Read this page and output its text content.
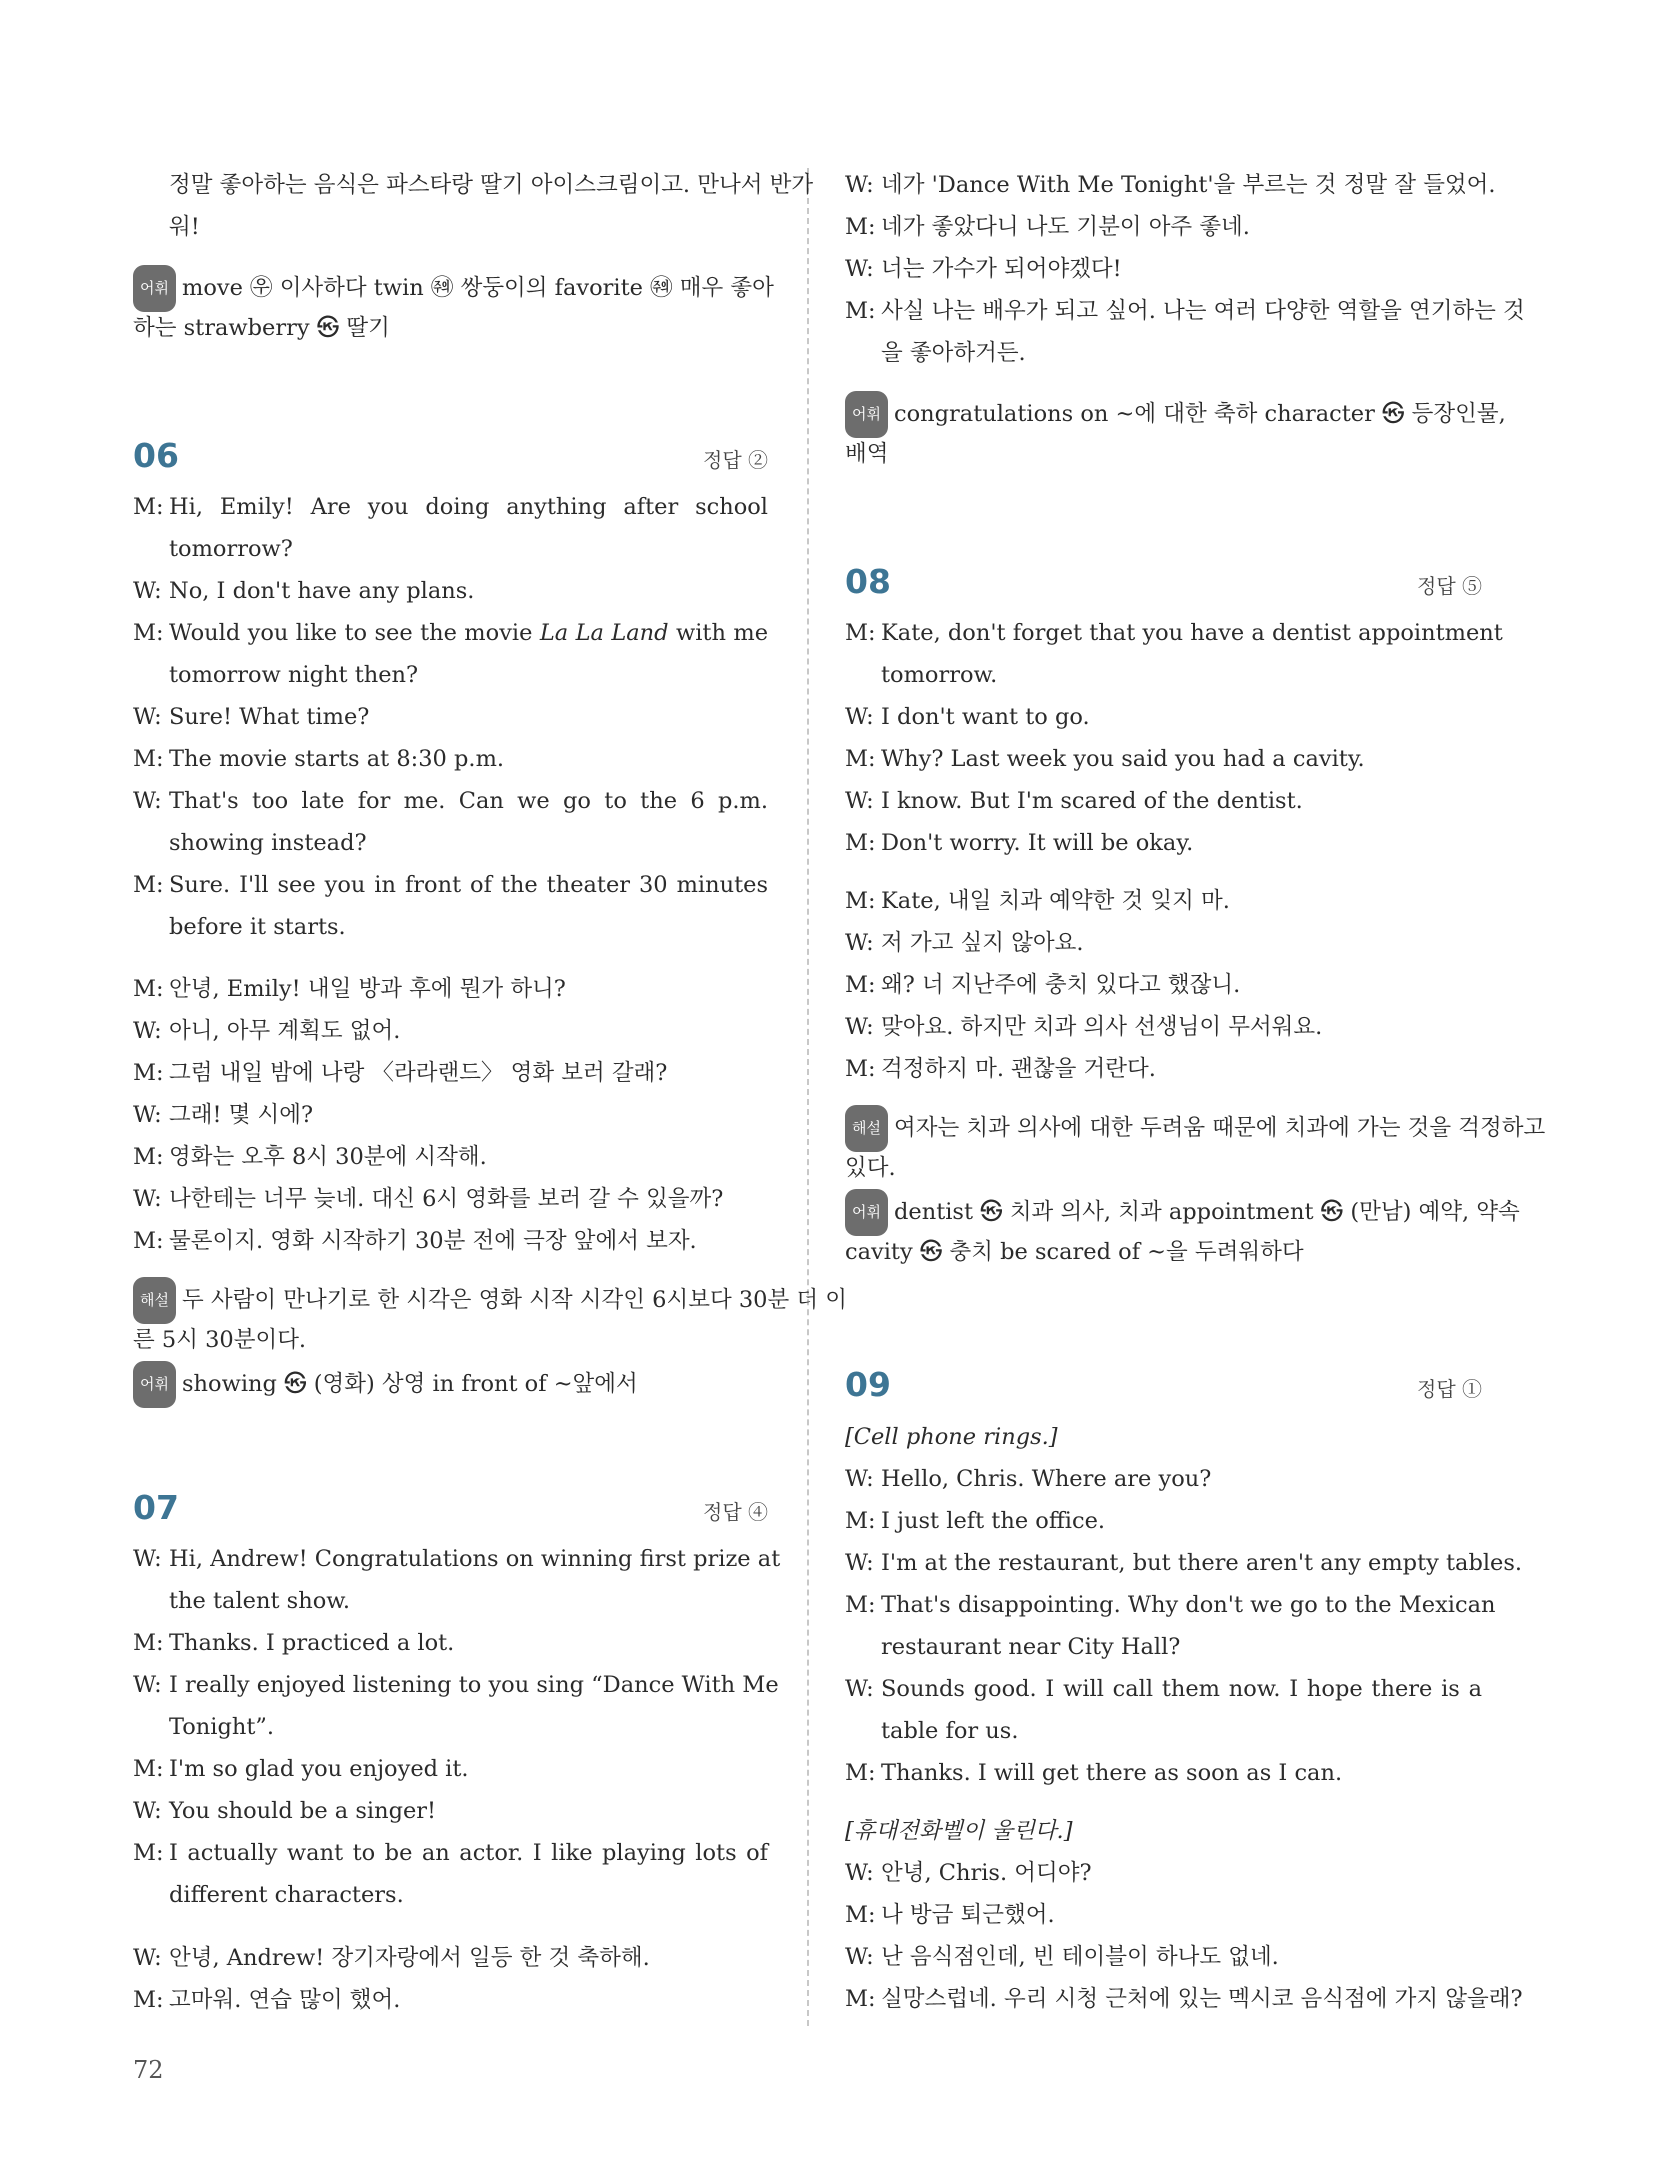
정말 좋아하는 음식은 파스타랑 딸기 아이스크림이고. 만나서 반가
워!
어휘 move ㉾ 이사하다 twin ㉽ 쌍둥이의 favorite ㉽ 매우 좋아
하는 strawberry ㉿ 딸기
06	정답 ②
M: Hi, Emily! Are you doing anything after school
tomorrow?
W: No, I don't have any plans.
M: Would you like to see the movie La La Land with me
tomorrow night then?
W: Sure! What time?
M: The movie starts at 8:30 p.m.
W: That's too late for me. Can we go to the 6 p.m.
showing instead?
M: Sure. I'll see you in front of the theater 30 minutes
before it starts.
M: 안녕, Emily! 내일 방과 후에 뭔가 하니?
W: 아니, 아무 계획도 없어.
M: 그럼 내일 밤에 나랑 〈라라랜드〉 영화 보러 갈래?
W: 그래! 몇 시에?
M: 영화는 오후 8시 30분에 시작해.
W: 나한테는 너무 늦네. 대신 6시 영화를 보러 갈 수 있을까?
M: 물론이지. 영화 시작하기 30분 전에 극장 앞에서 보자.
해설 두 사람이 만나기로 한 시각은 영화 시작 시각인 6시보다 30분 더 이
른 5시 30분이다.
어휘 showing ㉿ (영화) 상영 in front of ~앞에서
07	정답 ④
W: Hi, Andrew! Congratulations on winning first prize at
the talent show.
M: Thanks. I practiced a lot.
W: I really enjoyed listening to you sing “Dance With Me
Tonight”.
M: I'm so glad you enjoyed it.
W: You should be a singer!
M: I actually want to be an actor. I like playing lots of
different characters.
W: 안녕, Andrew! 장기자랑에서 일등 한 것 축하해.
M: 고마워. 연습 많이 했어.
W: 네가 'Dance With Me Tonight'을 부르는 것 정말 잘 들었어.
M: 네가 좋았다니 나도 기분이 아주 좋네.
W: 너는 가수가 되어야겠다!
M: 사실 나는 배우가 되고 싶어. 나는 여러 다양한 역할을 연기하는 것
을 좋아하거든.
어휘 congratulations on ~에 대한 축하 character ㉿ 등장인물,
배역
08	정답 ⑤
M: Kate, don't forget that you have a dentist appointment
tomorrow.
W: I don't want to go.
M: Why? Last week you said you had a cavity.
W: I know. But I'm scared of the dentist.
M: Don't worry. It will be okay.
M: Kate, 내일 치과 예약한 것 잊지 마.
W: 저 가고 싶지 않아요.
M: 왜? 너 지난주에 충치 있다고 했잖니.
W: 맞아요. 하지만 치과 의사 선생님이 무서워요.
M: 걱정하지 마. 괜찮을 거란다.
해설 여자는 치과 의사에 대한 두려움 때문에 치과에 가는 것을 걱정하고
있다.
어휘 dentist ㉿ 치과 의사, 치과 appointment ㉿ (만남) 예약, 약속
cavity ㉿ 충치 be scared of ~을 두려워하다
09	정답 ①
[Cell phone rings.]
W: Hello, Chris. Where are you?
M: I just left the office.
W: I'm at the restaurant, but there aren't any empty tables.
M: That's disappointing. Why don't we go to the Mexican
restaurant near City Hall?
W: Sounds good. I will call them now. I hope there is a
table for us.
M: Thanks. I will get there as soon as I can.
[휴대전화벨이 울린다.]
W: 안녕, Chris. 어디야?
M: 나 방금 퇴근했어.
W: 난 음식점인데, 빈 테이블이 하나도 없네.
M: 실망스럽네. 우리 시청 근처에 있는 멕시코 음식점에 가지 않을래?
72
